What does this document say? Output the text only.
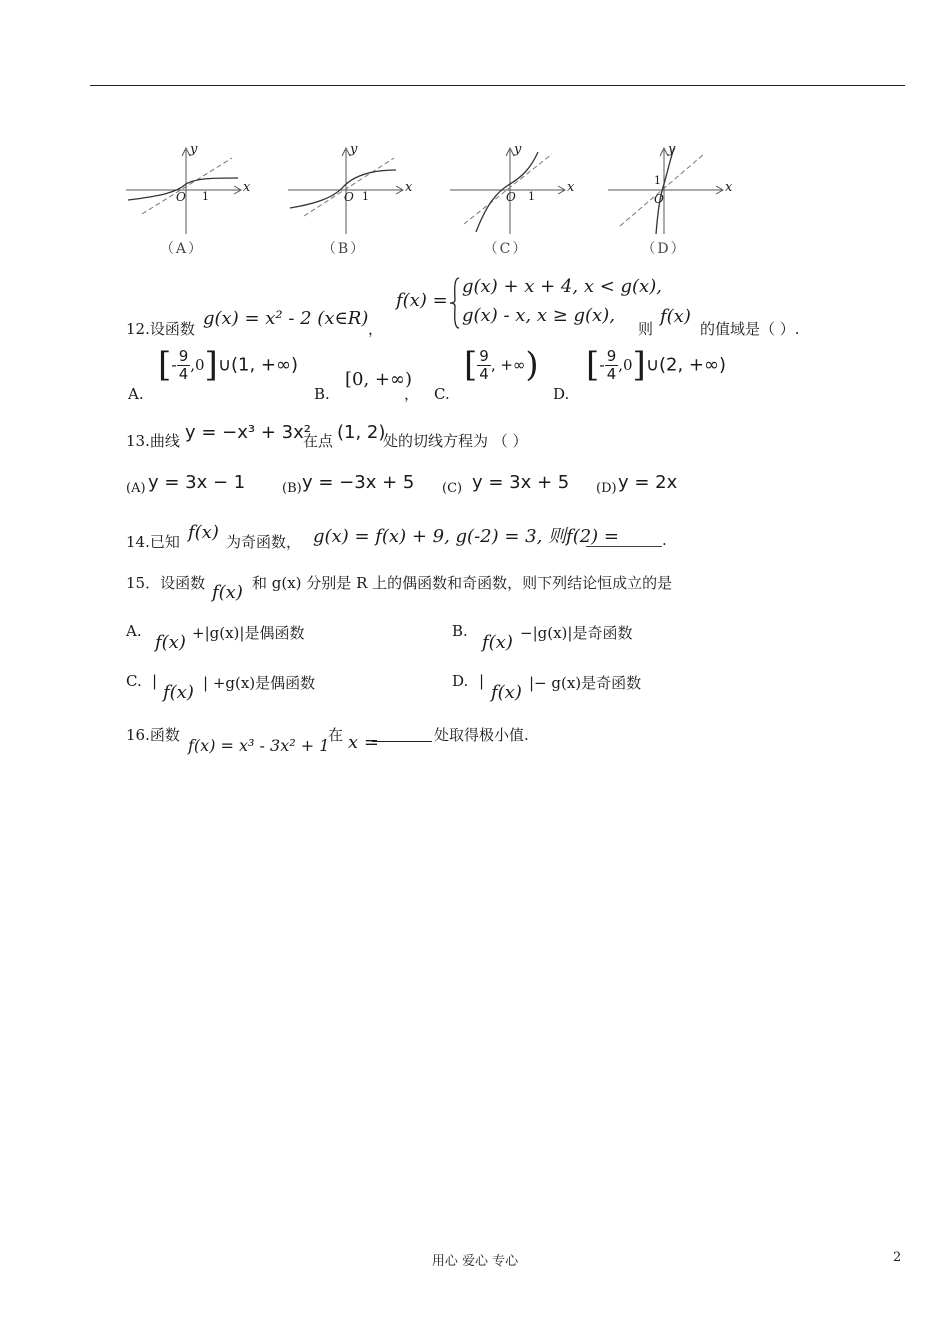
y
x
O 1
（A）
y
x
O 1
（B）
y
x
O 1
（C）
y
x
O
1
（D）
12.设函数 g(x) = x² - 2 (x∈R) ，
f(x) =
g(x) + x + 4, x < g(x),
g(x) - x, x ≥ g(x),
则
f(x)
的值域是（ ）.
A.
[- $\frac{9}{4}$ ,0]∪(1, +∞)
B.
[0, +∞)
， C.
[ $\frac{9}{4}$ , +∞)
D.
[- $\frac{9}{4}$ ,0]∪(2, +∞)
13.曲线 y = −x³ + 3x²
在点 (1, 2)
处的切线方程为 （ ）
(A) y = 3x − 1	(B) y = −3x + 5 (C) y = 3x + 5 (D) y = 2x
14.已知 f(x) 为奇函数， g(x) = f(x) + 9, g(-2) = 3, 则f(2) =	.
15．设函数 f(x) 和 g(x) 分别是 R 上的偶函数和奇函数，则下列结论恒成立的是
A.
f(x) +|g(x)|是偶函数	B.
f(x) −|g(x)|是奇函数
C. |
f(x) | +g(x)是偶函数	D. |
f(x) |− g(x)是奇函数
16.函数
f(x) = x³ - 3x² + 1
在 x =	处取得极小值.
用心 爱心 专心	2
